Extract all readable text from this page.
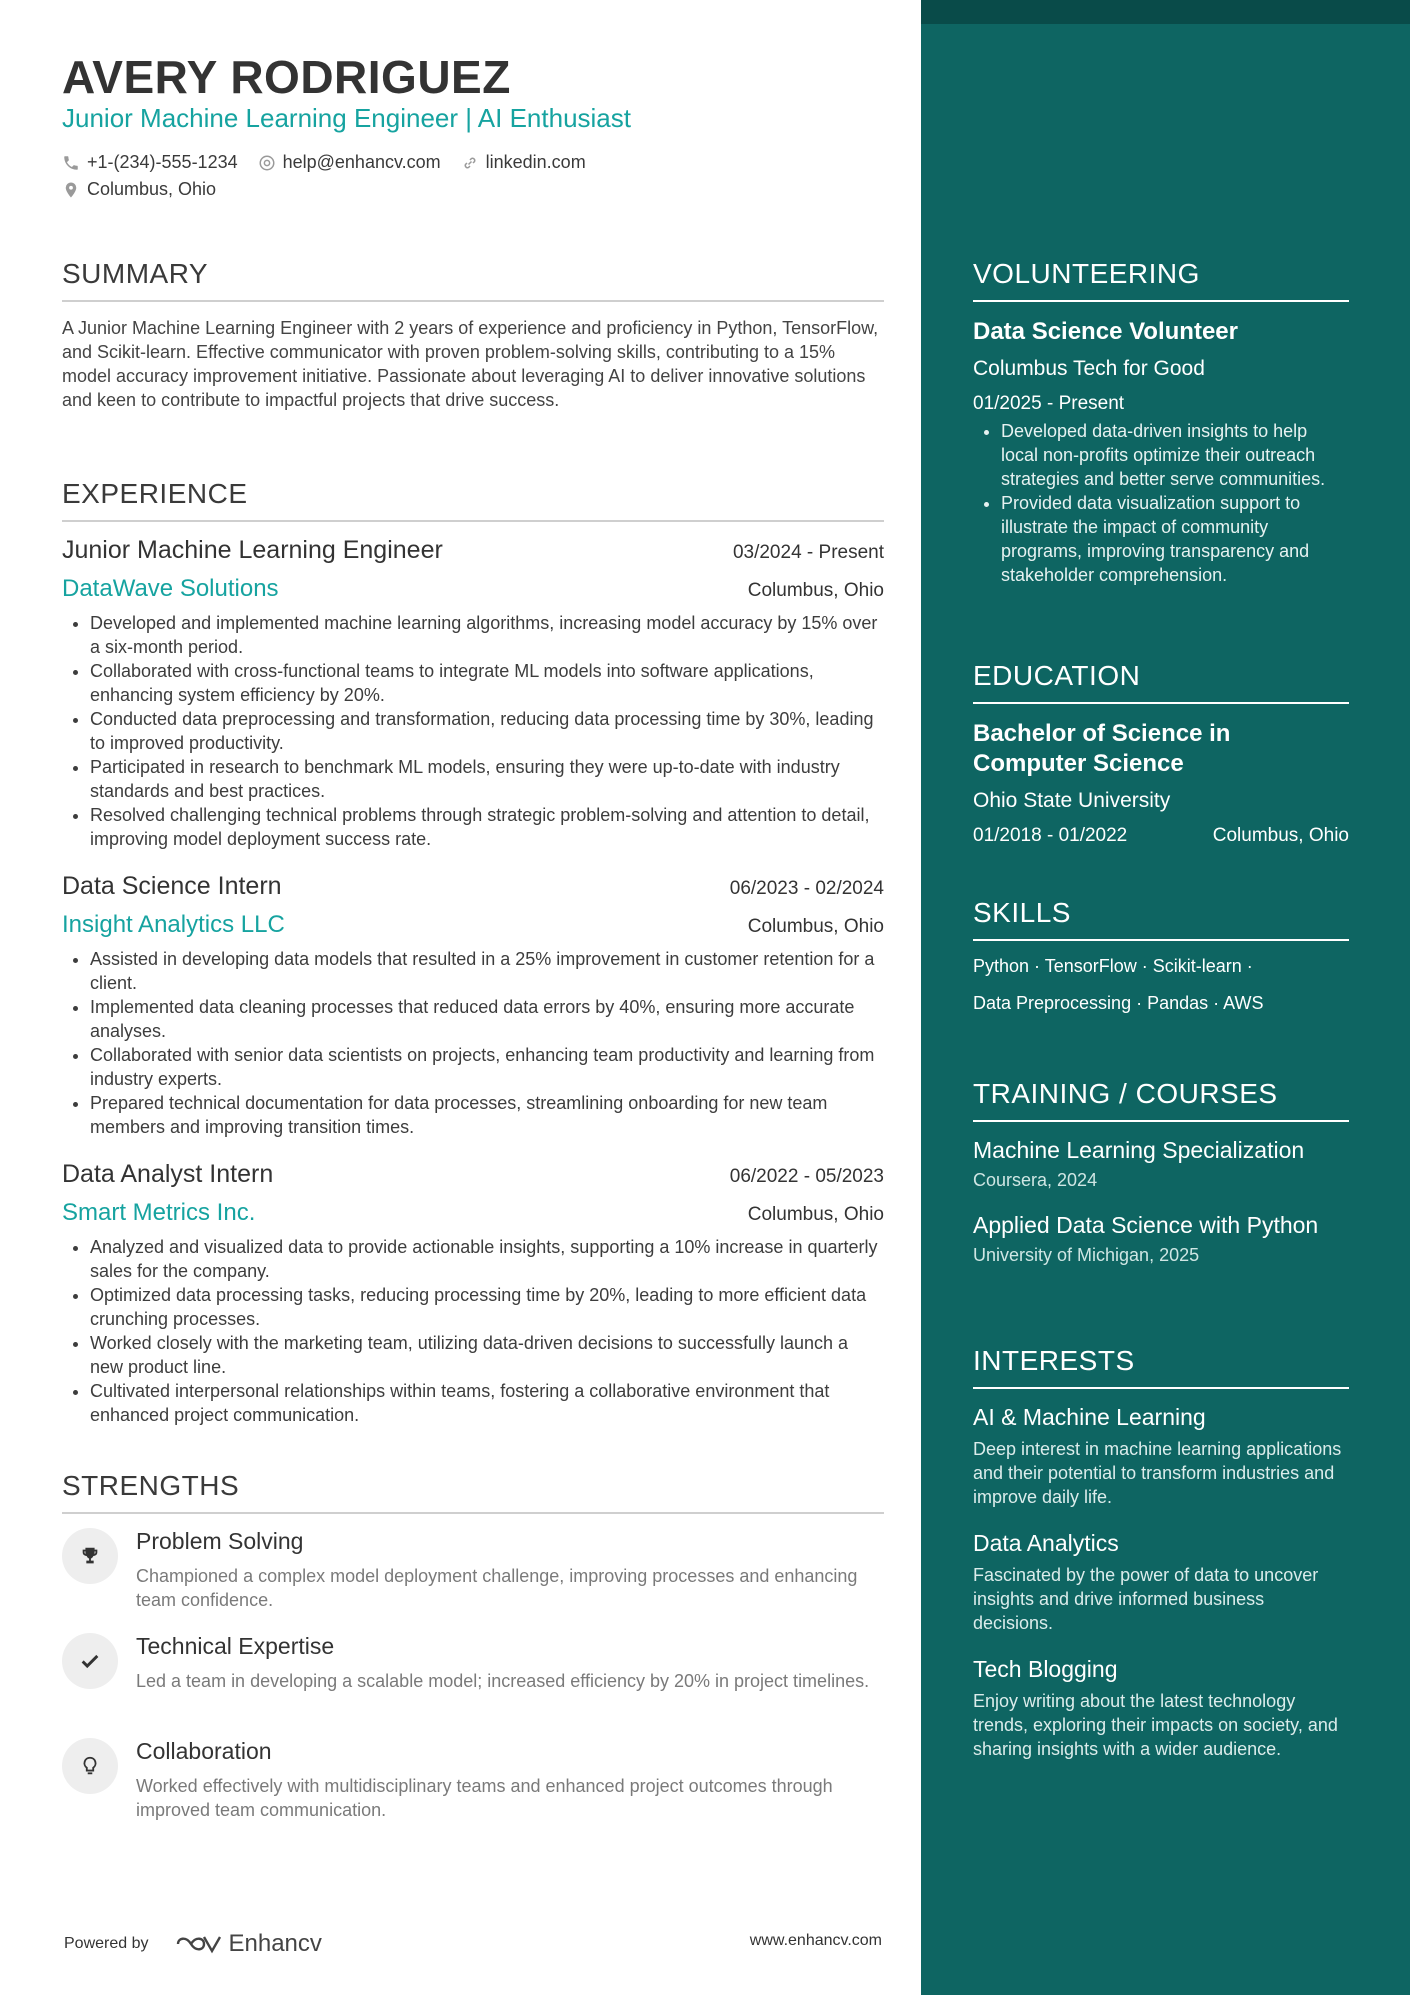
AVERY RODRIGUEZ
Junior Machine Learning Engineer | AI Enthusiast
+1-(234)-555-1234	help@enhancv.com	linkedin.com
Columbus, Ohio
SUMMARY
A Junior Machine Learning Engineer with 2 years of experience and proficiency in Python, TensorFlow, and Scikit-learn. Effective communicator with proven problem-solving skills, contributing to a 15% model accuracy improvement initiative. Passionate about leveraging AI to deliver innovative solutions and keen to contribute to impactful projects that drive success.
EXPERIENCE
Junior Machine Learning Engineer	03/2024 - Present
DataWave Solutions	Columbus, Ohio
• Developed and implemented machine learning algorithms, increasing model accuracy by 15% over a six-month period.
• Collaborated with cross-functional teams to integrate ML models into software applications, enhancing system efficiency by 20%.
• Conducted data preprocessing and transformation, reducing data processing time by 30%, leading to improved productivity.
• Participated in research to benchmark ML models, ensuring they were up-to-date with industry standards and best practices.
• Resolved challenging technical problems through strategic problem-solving and attention to detail, improving model deployment success rate.
Data Science Intern	06/2023 - 02/2024
Insight Analytics LLC	Columbus, Ohio
• Assisted in developing data models that resulted in a 25% improvement in customer retention for a client.
• Implemented data cleaning processes that reduced data errors by 40%, ensuring more accurate analyses.
• Collaborated with senior data scientists on projects, enhancing team productivity and learning from industry experts.
• Prepared technical documentation for data processes, streamlining onboarding for new team members and improving transition times.
Data Analyst Intern	06/2022 - 05/2023
Smart Metrics Inc.	Columbus, Ohio
• Analyzed and visualized data to provide actionable insights, supporting a 10% increase in quarterly sales for the company.
• Optimized data processing tasks, reducing processing time by 20%, leading to more efficient data crunching processes.
• Worked closely with the marketing team, utilizing data-driven decisions to successfully launch a new product line.
• Cultivated interpersonal relationships within teams, fostering a collaborative environment that enhanced project communication.
STRENGTHS
Problem Solving
Championed a complex model deployment challenge, improving processes and enhancing team confidence.
Technical Expertise
Led a team in developing a scalable model; increased efficiency by 20% in project timelines.
Collaboration
Worked effectively with multidisciplinary teams and enhanced project outcomes through improved team communication.
Powered by	Enhancv	www.enhancv.com
VOLUNTEERING
Data Science Volunteer
Columbus Tech for Good
01/2025 - Present
• Developed data-driven insights to help local non-profits optimize their outreach strategies and better serve communities.
• Provided data visualization support to illustrate the impact of community programs, improving transparency and stakeholder comprehension.
EDUCATION
Bachelor of Science in Computer Science
Ohio State University
01/2018 - 01/2022	Columbus, Ohio
SKILLS
Python · TensorFlow · Scikit-learn ·
Data Preprocessing · Pandas · AWS
TRAINING / COURSES
Machine Learning Specialization
Coursera, 2024
Applied Data Science with Python
University of Michigan, 2025
INTERESTS
AI & Machine Learning
Deep interest in machine learning applications and their potential to transform industries and improve daily life.
Data Analytics
Fascinated by the power of data to uncover insights and drive informed business decisions.
Tech Blogging
Enjoy writing about the latest technology trends, exploring their impacts on society, and sharing insights with a wider audience.
